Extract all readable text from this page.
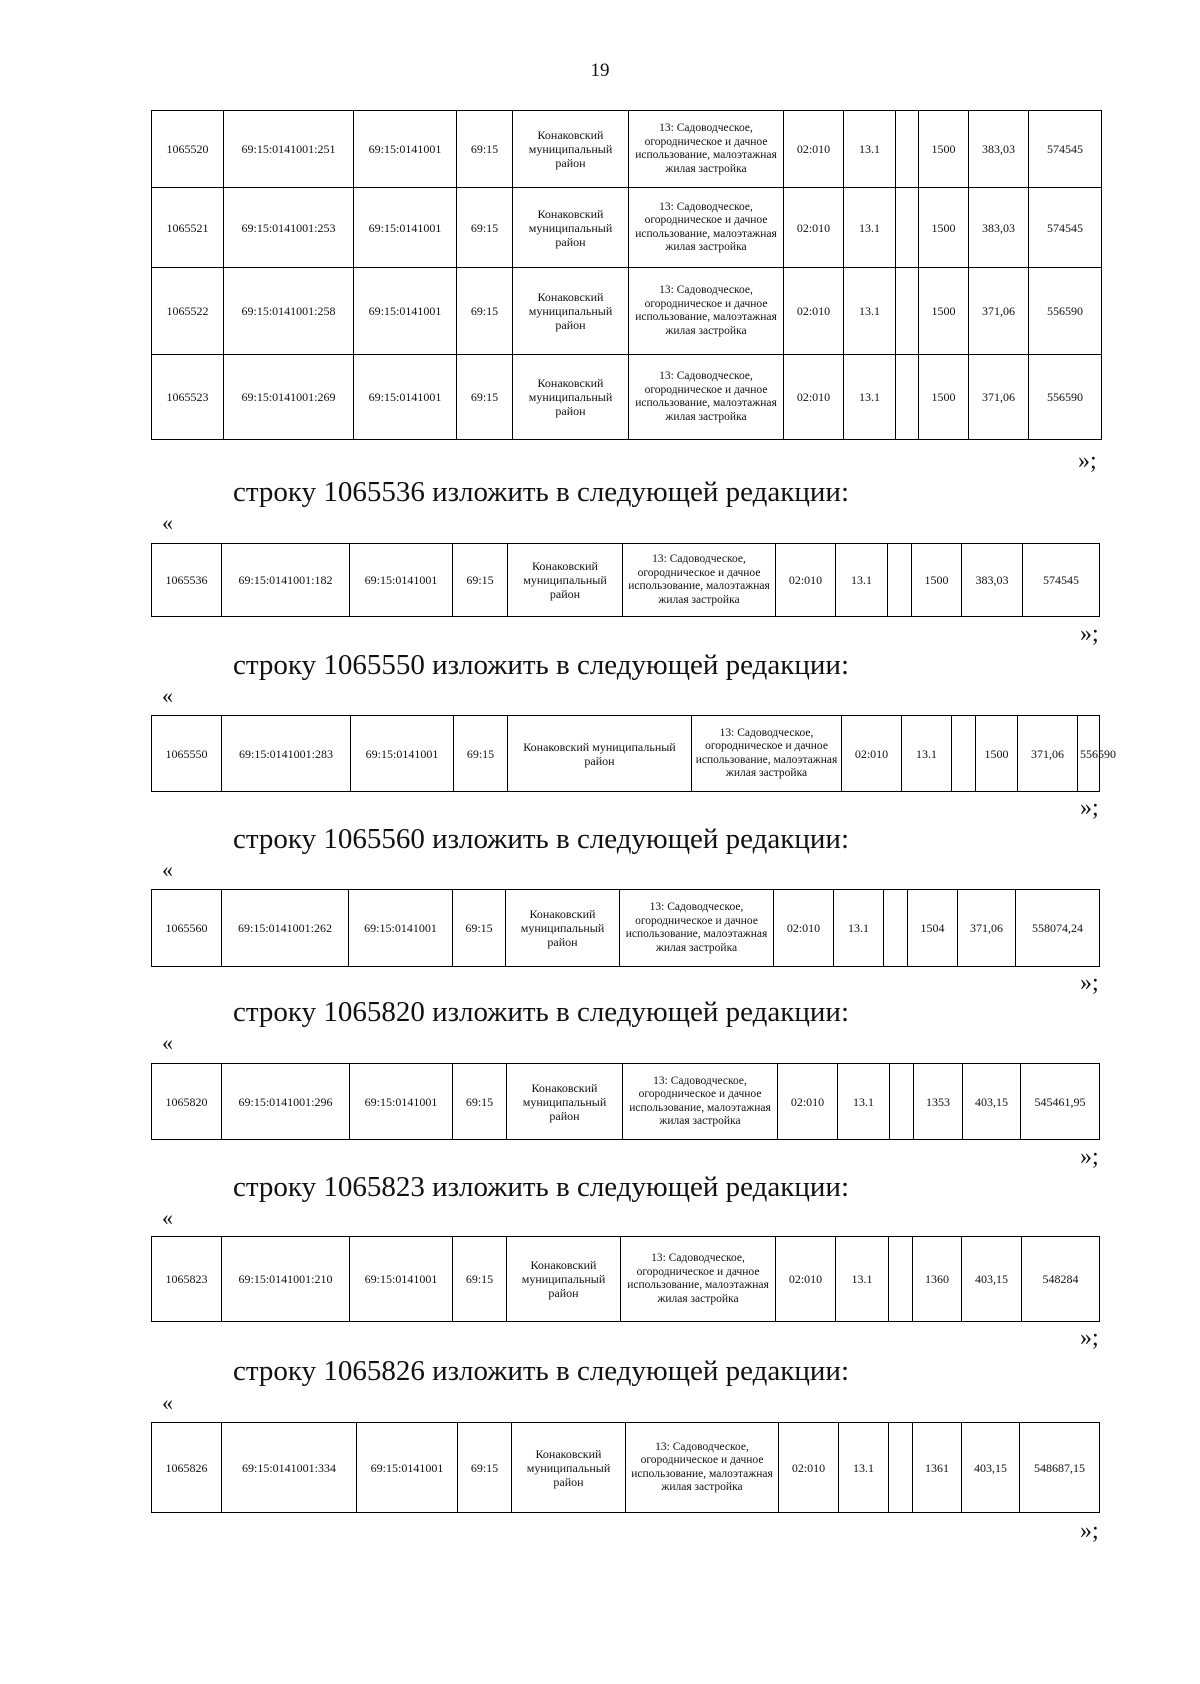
19
1065520	69:15:0141001:251	69:15:0141001	69:15	Конаковский муниципальный район	13: Садоводческое, огородническое и дачное использование, малоэтажная жилая застройка	02:010	13.1		1500	383,03	574545
1065521	69:15:0141001:253	69:15:0141001	69:15	Конаковский муниципальный район	13: Садоводческое, огородническое и дачное использование, малоэтажная жилая застройка	02:010	13.1		1500	383,03	574545
1065522	69:15:0141001:258	69:15:0141001	69:15	Конаковский муниципальный район	13: Садоводческое, огородническое и дачное использование, малоэтажная жилая застройка	02:010	13.1		1500	371,06	556590
1065523	69:15:0141001:269	69:15:0141001	69:15	Конаковский муниципальный район	13: Садоводческое, огородническое и дачное использование, малоэтажная жилая застройка	02:010	13.1		1500	371,06	556590
»;
строку 1065536 изложить в следующей редакции:
«
1065536	69:15:0141001:182	69:15:0141001	69:15	Конаковский муниципальный район	13: Садоводческое, огородническое и дачное использование, малоэтажная жилая застройка	02:010	13.1		1500	383,03	574545
»;
строку 1065550 изложить в следующей редакции:
«
1065550	69:15:0141001:283	69:15:0141001	69:15	Конаковский муниципальный район	13: Садоводческое, огородническое и дачное использование, малоэтажная жилая застройка	02:010	13.1		1500	371,06	556590
»;
строку 1065560 изложить в следующей редакции:
«
1065560	69:15:0141001:262	69:15:0141001	69:15	Конаковский муниципальный район	13: Садоводческое, огородническое и дачное использование, малоэтажная жилая застройка	02:010	13.1		1504	371,06	558074,24
»;
строку 1065820 изложить в следующей редакции:
«
1065820	69:15:0141001:296	69:15:0141001	69:15	Конаковский муниципальный район	13: Садоводческое, огородническое и дачное использование, малоэтажная жилая застройка	02:010	13.1		1353	403,15	545461,95
»;
строку 1065823 изложить в следующей редакции:
«
1065823	69:15:0141001:210	69:15:0141001	69:15	Конаковский муниципальный район	13: Садоводческое, огородническое и дачное использование, малоэтажная жилая застройка	02:010	13.1		1360	403,15	548284
»;
строку 1065826 изложить в следующей редакции:
«
1065826	69:15:0141001:334	69:15:0141001	69:15	Конаковский муниципальный район	13: Садоводческое, огородническое и дачное использование, малоэтажная жилая застройка	02:010	13.1		1361	403,15	548687,15
»;
